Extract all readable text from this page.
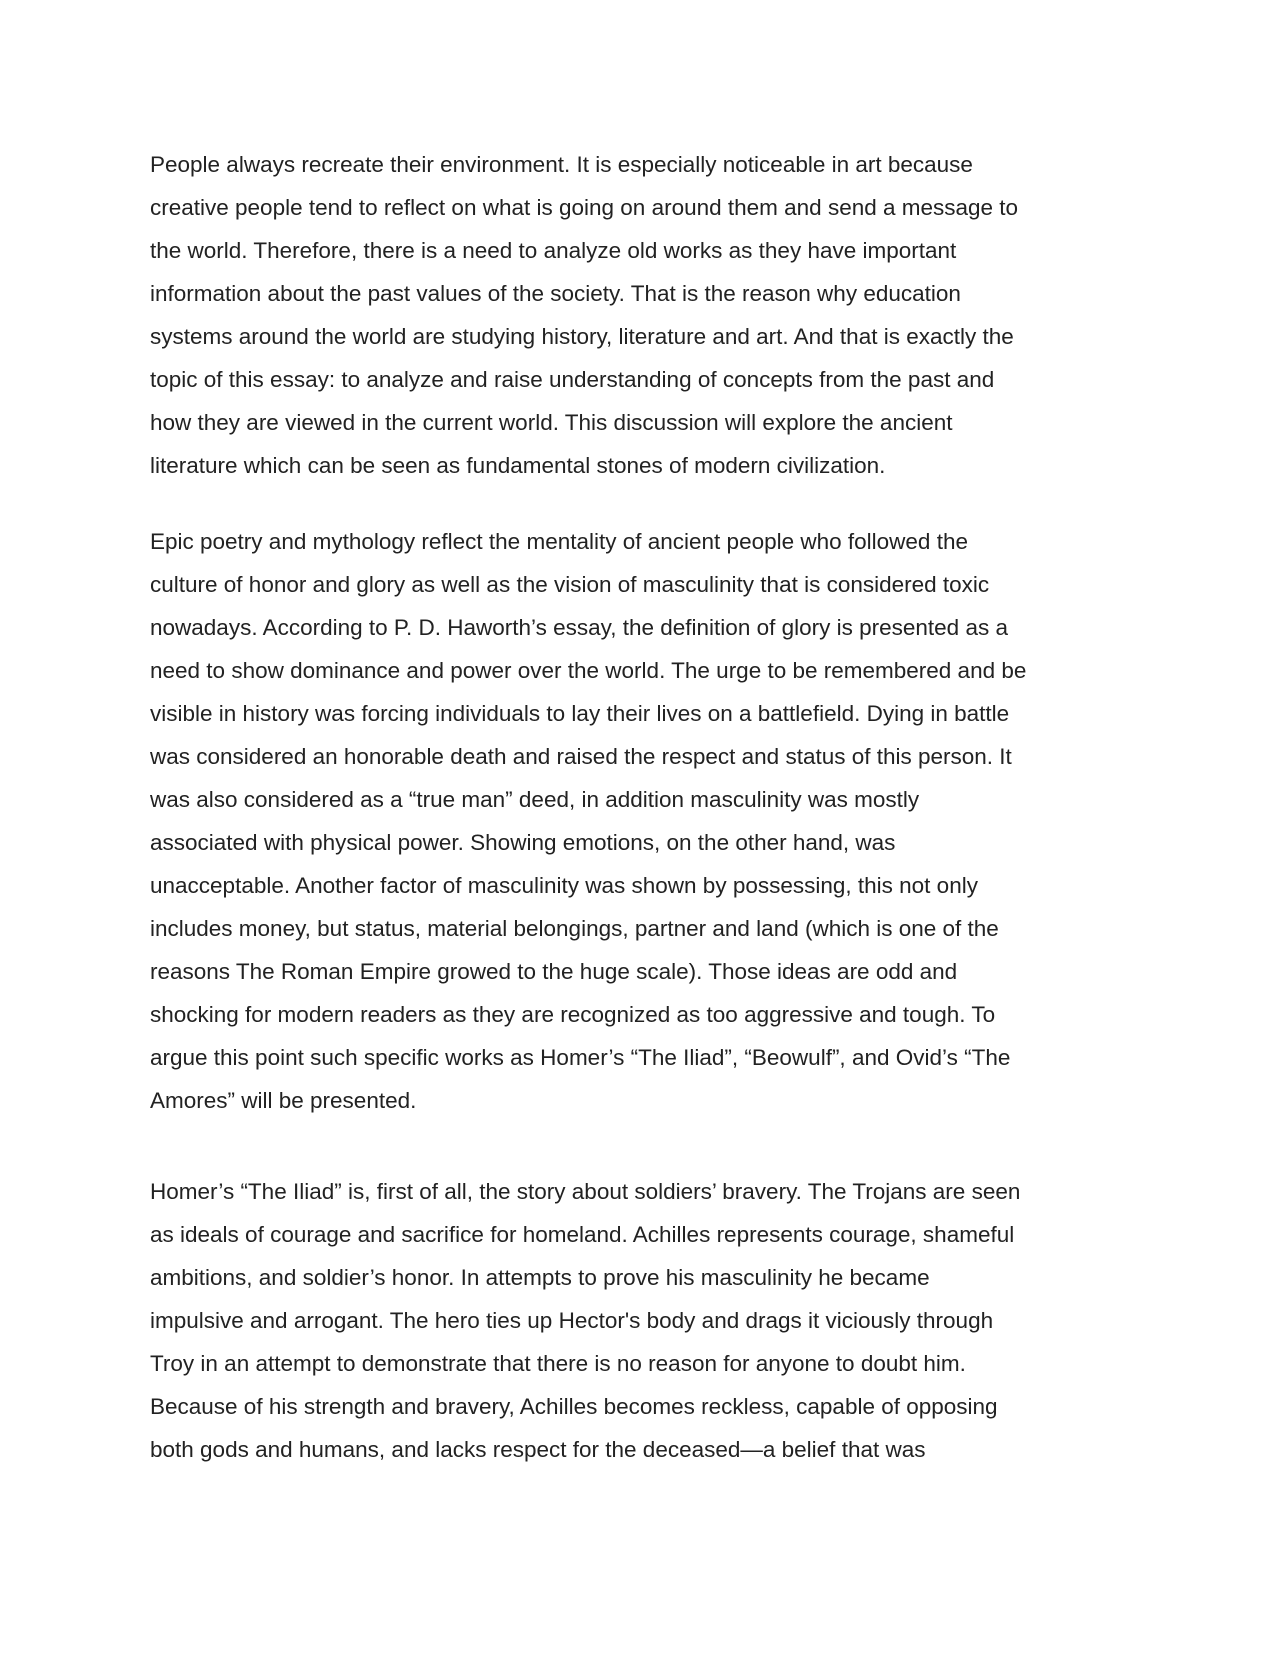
People always recreate their environment. It is especially noticeable in art because
creative people tend to reflect on what is going on around them and send a message to
the world. Therefore, there is a need to analyze old works as they have important
information about the past values of the society. That is the reason why education
systems around the world are studying history, literature and art. And that is exactly the
topic of this essay: to analyze and raise understanding of concepts from the past and
how they are viewed in the current world. This discussion will explore the ancient
literature which can be seen as fundamental stones of modern civilization.
Epic poetry and mythology reflect the mentality of ancient people who followed the
culture of honor and glory as well as the vision of masculinity that is considered toxic
nowadays. According to P. D. Haworth’s essay, the definition of glory is presented as a
need to show dominance and power over the world. The urge to be remembered and be
visible in history was forcing individuals to lay their lives on a battlefield. Dying in battle
was considered an honorable death and raised the respect and status of this person. It
was also considered as a “true man” deed, in addition masculinity was mostly
associated with physical power. Showing emotions, on the other hand, was
unacceptable. Another factor of masculinity was shown by possessing, this not only
includes money, but status, material belongings, partner and land (which is one of the
reasons The Roman Empire growed to the huge scale). Those ideas are odd and
shocking for modern readers as they are recognized as too aggressive and tough. To
argue this point such specific works as Homer’s “The Iliad”, “Beowulf”, and Ovid’s “The
Amores” will be presented.
Homer’s “The Iliad” is, first of all, the story about soldiers’ bravery. The Trojans are seen
as ideals of courage and sacrifice for homeland. Achilles represents courage, shameful
ambitions, and soldier’s honor. In attempts to prove his masculinity he became
impulsive and arrogant. The hero ties up Hector's body and drags it viciously through
Troy in an attempt to demonstrate that there is no reason for anyone to doubt him.
Because of his strength and bravery, Achilles becomes reckless, capable of opposing
both gods and humans, and lacks respect for the deceased—a belief that was
